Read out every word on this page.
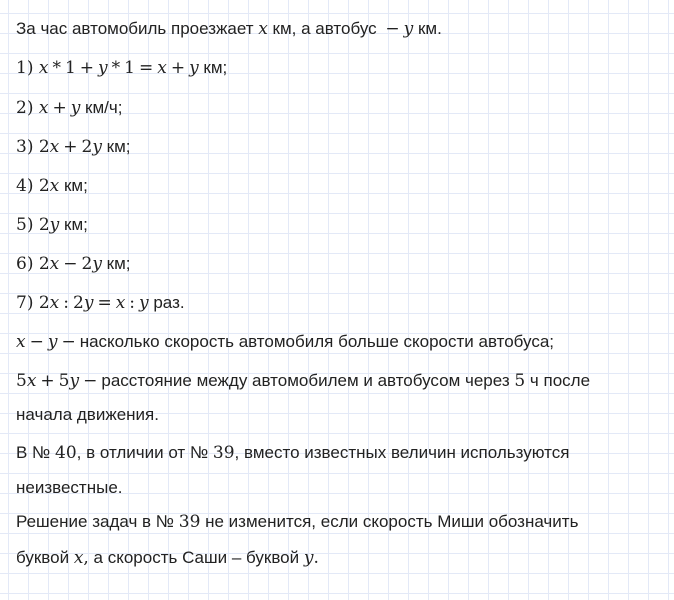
За час автомобиль проезжает x км, а автобус − y км.
1) x * 1 + y * 1 = x + y км;
2) x + y км/ч;
3) 2x + 2y км;
4) 2x км;
5) 2y км;
6) 2x − 2y км;
7) 2x : 2y = x : y раз.
x − y − насколько скорость автомобиля больше скорости автобуса;
5x + 5y − расстояние между автомобилем и автобусом через 5 ч после
начала движения.
В № 40, в отличии от № 39, вместо известных величин используются
неизвестные.
Решение задач в № 39 не изменится, если скорость Миши обозначить
буквой x, а скорость Саши – буквой y.
